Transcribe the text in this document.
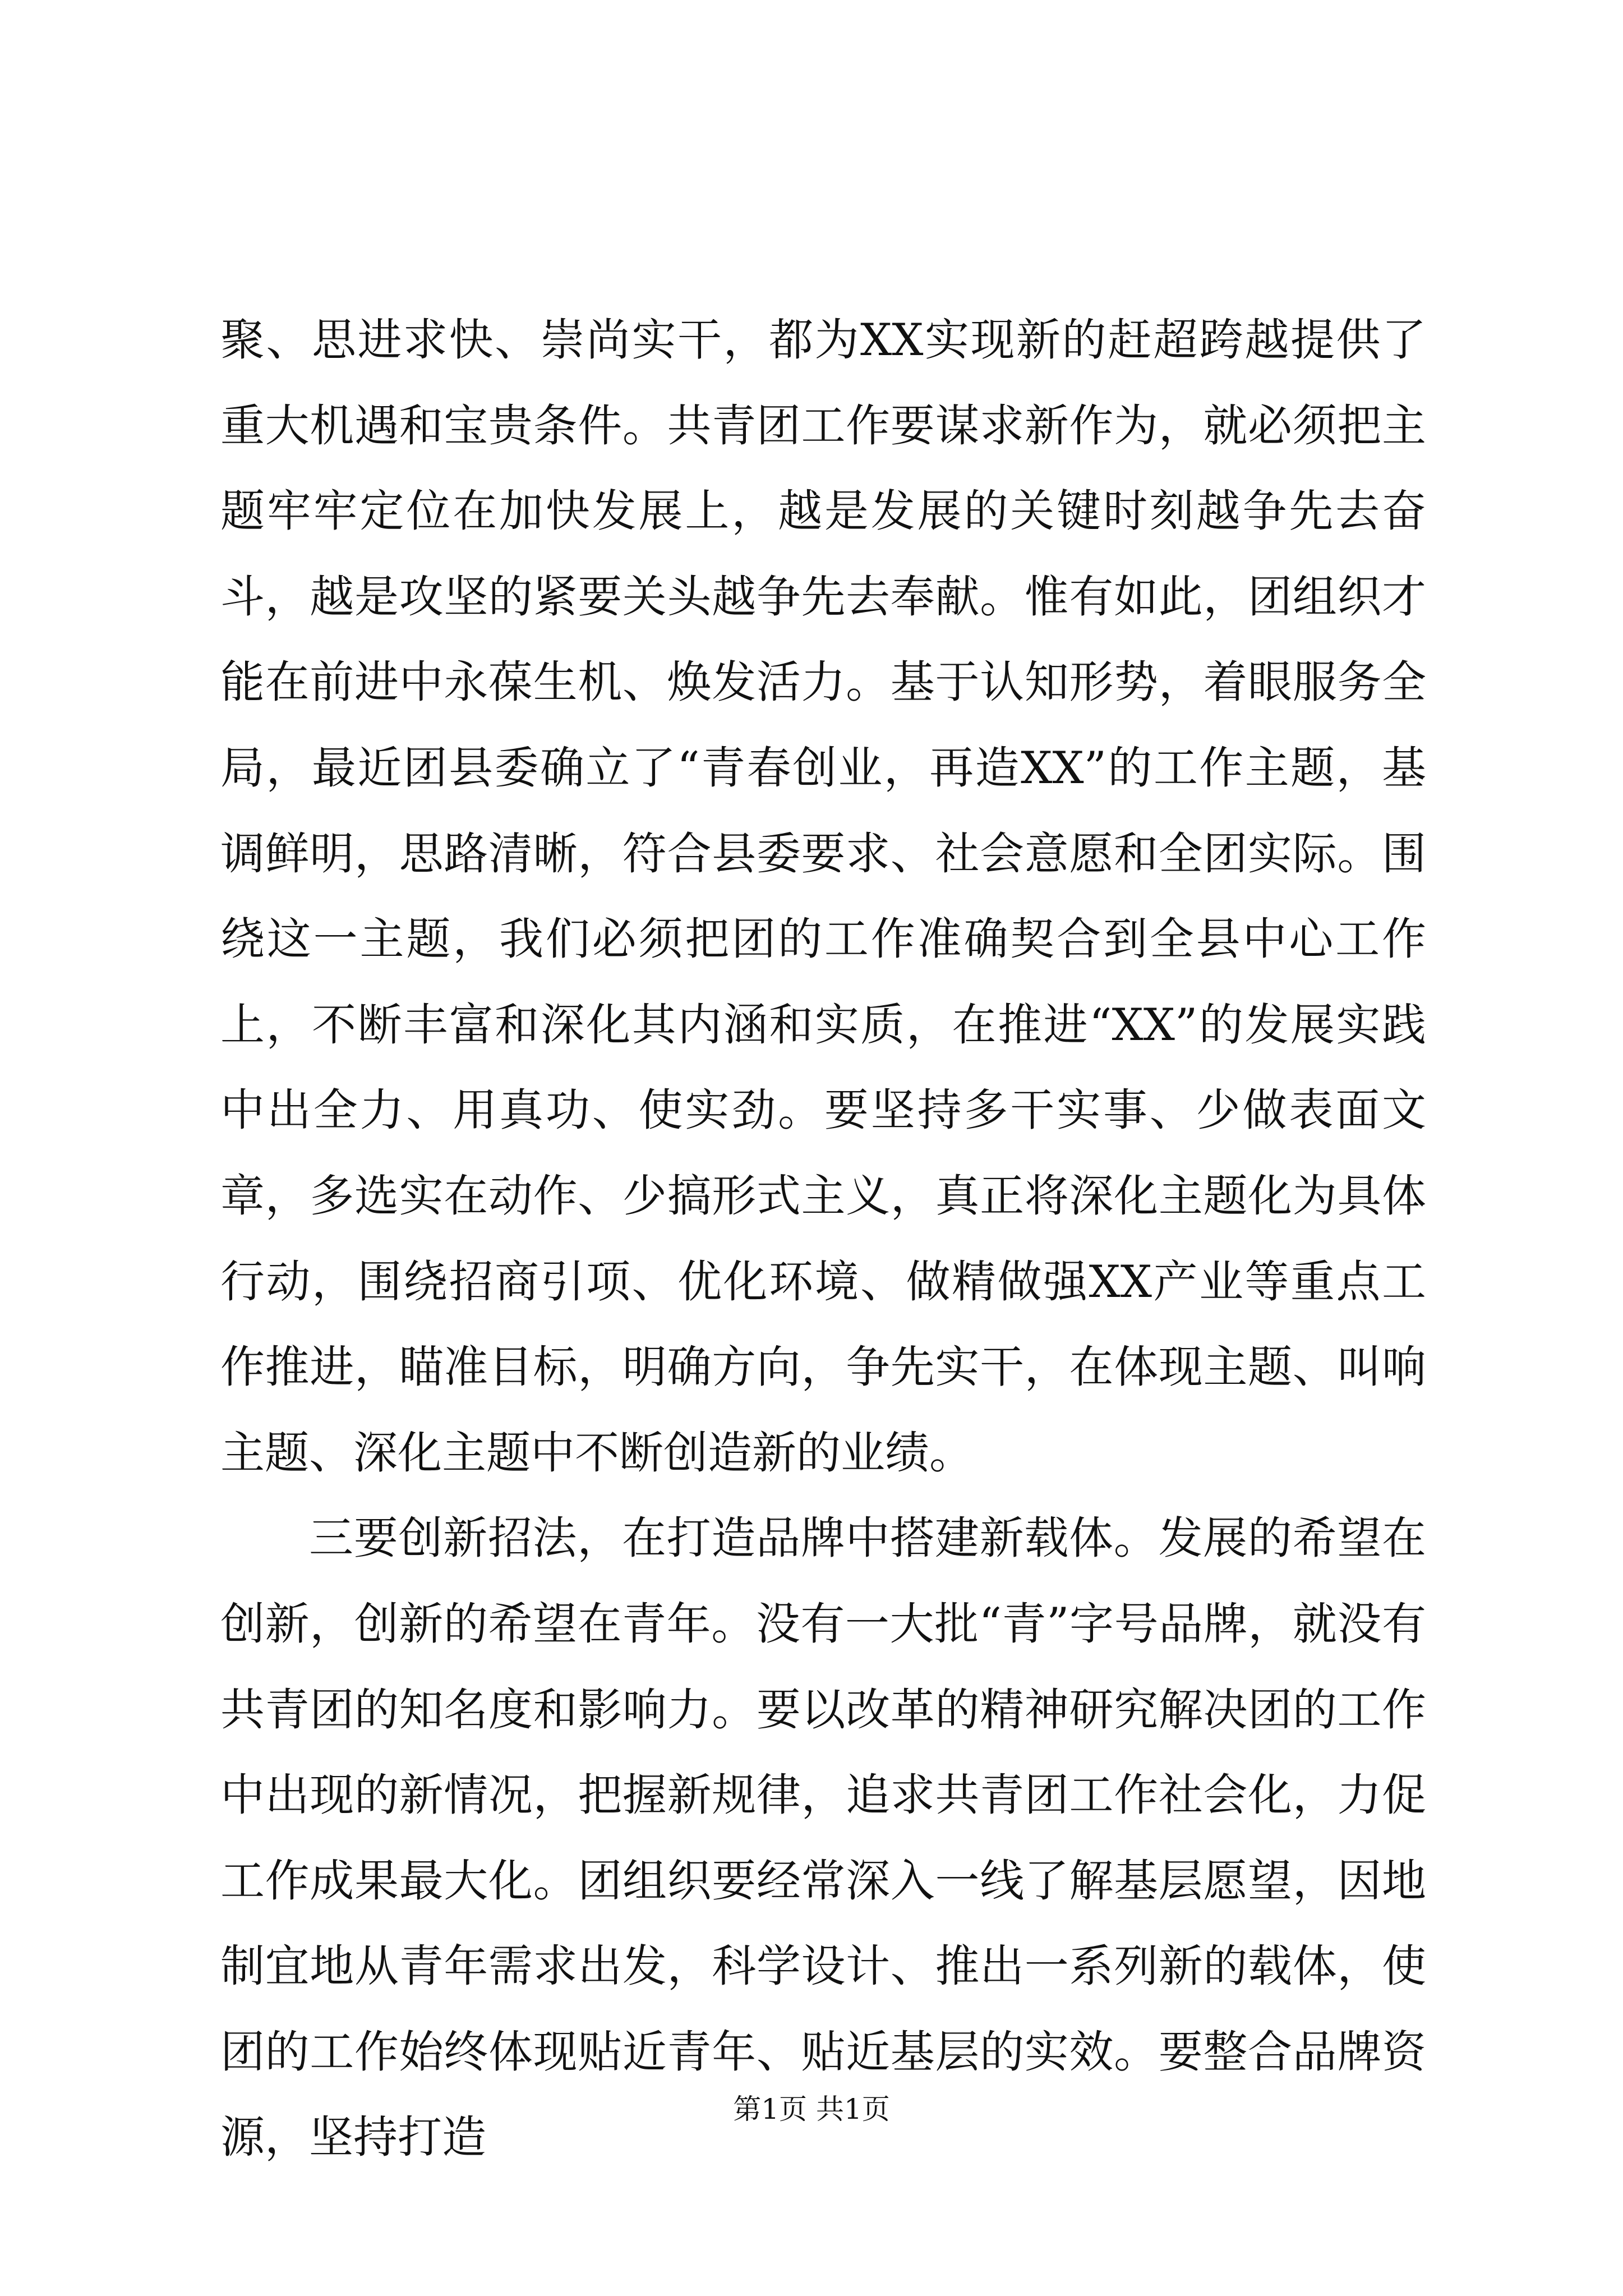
聚、思进求快、崇尚实干，都为XX实现新的赶超跨越提供了重大机遇和宝贵条件。共青团工作要谋求新作为，就必须把主题牢牢定位在加快发展上，越是发展的关键时刻越争先去奋斗，越是攻坚的紧要关头越争先去奉献。惟有如此，团组织才能在前进中永葆生机、焕发活力。基于认知形势，着眼服务全局，最近团县委确立了“青春创业，再造XX”的工作主题，基调鲜明，思路清晰，符合县委要求、社会意愿和全团实际。围绕这一主题，我们必须把团的工作准确契合到全县中心工作上，不断丰富和深化其内涵和实质，在推进“XX”的发展实践中出全力、用真功、使实劲。要坚持多干实事、少做表面文章，多选实在动作、少搞形式主义，真正将深化主题化为具体行动，围绕招商引项、优化环境、做精做强XX产业等重点工作推进，瞄准目标，明确方向，争先实干，在体现主题、叫响主题、深化主题中不断创造新的业绩。

三要创新招法，在打造品牌中搭建新载体。发展的希望在创新，创新的希望在青年。没有一大批“青”字号品牌，就没有共青团的知名度和影响力。要以改革的精神研究解决团的工作中出现的新情况，把握新规律，追求共青团工作社会化，力促工作成果最大化。团组织要经常深入一线了解基层愿望，因地制宜地从青年需求出发，科学设计、推出一系列新的载体，使团的工作始终体现贴近青年、贴近基层的实效。要整合品牌资源，坚持打造

第1页 共1页
